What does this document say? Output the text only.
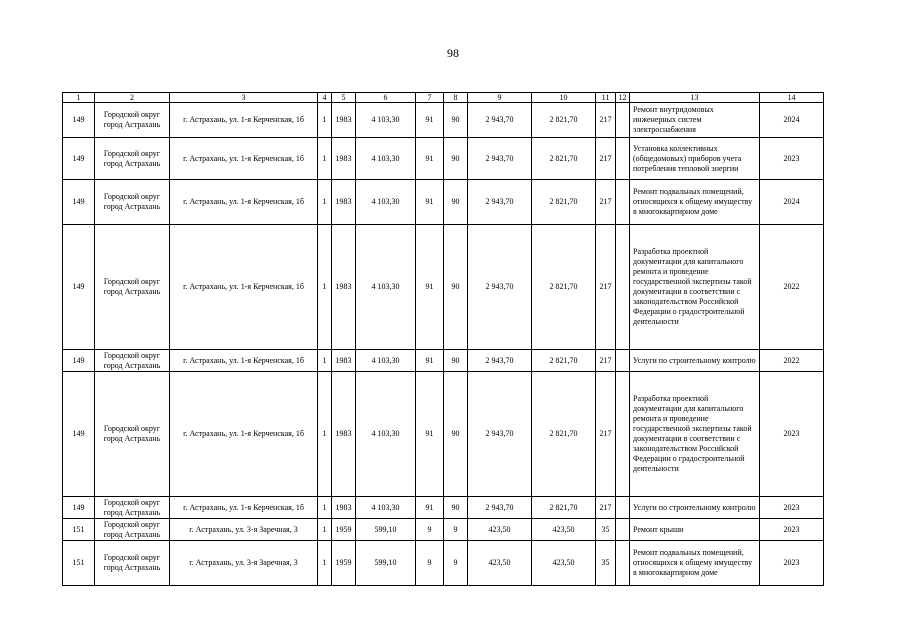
98
1	2	3	4	5	6	7	8	9	10	11	12	13	14
149	Городской округ город Астрахань	г. Астрахань, ул. 1-я Керченская, 1б	1	1983	4 103,30	91	90	2 943,70	2 821,70	217		Ремонт внутридомовых инженерных систем электроснабжения	2024
149	Городской округ город Астрахань	г. Астрахань, ул. 1-я Керченская, 1б	1	1983	4 103,30	91	90	2 943,70	2 821,70	217		Установка коллективных (общедомовых) приборов учета потребления тепловой энергии	2023
149	Городской округ город Астрахань	г. Астрахань, ул. 1-я Керченская, 1б	1	1983	4 103,30	91	90	2 943,70	2 821,70	217		Ремонт подвальных помещений, относящихся к общему имуществу в многоквартирном доме	2024
149	Городской округ город Астрахань	г. Астрахань, ул. 1-я Керченская, 1б	1	1983	4 103,30	91	90	2 943,70	2 821,70	217		Разработка проектной документации для капитального ремонта и проведение государственной экспертизы такой документации в соответствии с законодательством Российской Федерации о градостроительной деятельности	2022
149	Городской округ город Астрахань	г. Астрахань, ул. 1-я Керченская, 1б	1	1983	4 103,30	91	90	2 943,70	2 821,70	217		Услуги по строительному контролю	2022
149	Городской округ город Астрахань	г. Астрахань, ул. 1-я Керченская, 1б	1	1983	4 103,30	91	90	2 943,70	2 821,70	217		Разработка проектной документации для капитального ремонта и проведение государственной экспертизы такой документации в соответствии с законодательством Российской Федерации о градостроительной деятельности	2023
149	Городской округ город Астрахань	г. Астрахань, ул. 1-я Керченская, 1б	1	1983	4 103,30	91	90	2 943,70	2 821,70	217		Услуги по строительному контролю	2023
151	Городской округ город Астрахань	г. Астрахань, ул. 3-я Заречная, 3	1	1959	599,10	9	9	423,50	423,50	35		Ремонт крыши	2023
151	Городской округ город Астрахань	г. Астрахань, ул. 3-я Заречная, 3	1	1959	599,10	9	9	423,50	423,50	35		Ремонт подвальных помещений, относящихся к общему имуществу в многоквартирном доме	2023
